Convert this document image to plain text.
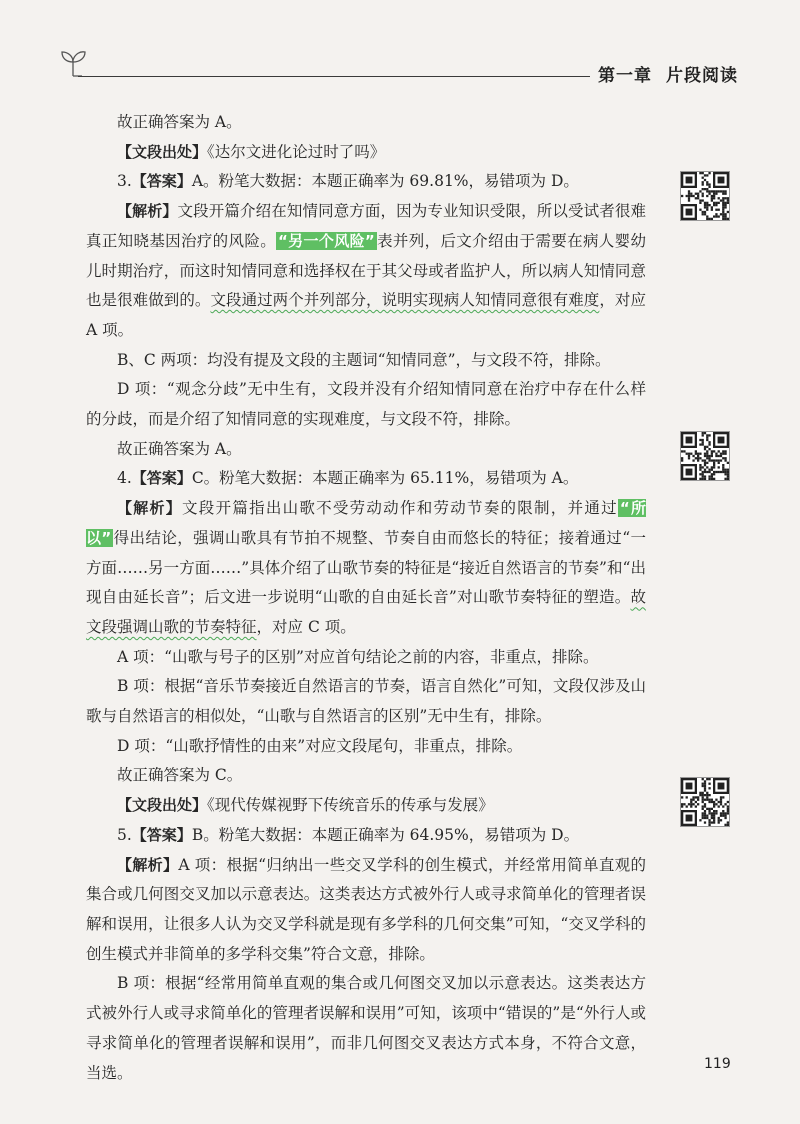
第一章 片段阅读

故正确答案为 A。

【文段出处】《达尔文进化论过时了吗》

3.【答案】A。粉笔大数据：本题正确率为 69.81%，易错项为 D。

【解析】文段开篇介绍在知情同意方面，因为专业知识受限，所以受试者很难真正知晓基因治疗的风险。 “另一个风险” 表并列，后文介绍由于需要在病人婴幼儿时期治疗，而这时知情同意和选择权在于其父母或者监护人，所以病人知情同意也是很难做到的。文段通过两个并列部分，说明实现病人知情同意很有难度，对应 A 项。

B、C 两项：均没有提及文段的主题词“知情同意”，与文段不符，排除。

D 项：“观念分歧”无中生有，文段并没有介绍知情同意在治疗中存在什么样的分歧，而是介绍了知情同意的实现难度，与文段不符，排除。

故正确答案为 A。

4.【答案】C。粉笔大数据：本题正确率为 65.11%，易错项为 A。

【解析】文段开篇指出山歌不受劳动动作和劳动节奏的限制，并通过 “所以” 得出结论，强调山歌具有节拍不规整、节奏自由而悠长的特征；接着通过“一方面……另一方面……”具体介绍了山歌节奏的特征是“接近自然语言的节奏”和“出现自由延长音”；后文进一步说明“山歌的自由延长音”对山歌节奏特征的塑造。故文段强调山歌的节奏特征，对应 C 项。

A 项：“山歌与号子的区别”对应首句结论之前的内容，非重点，排除。

B 项：根据“音乐节奏接近自然语言的节奏，语言自然化”可知，文段仅涉及山歌与自然语言的相似处，“山歌与自然语言的区别”无中生有，排除。

D 项：“山歌抒情性的由来”对应文段尾句，非重点，排除。

故正确答案为 C。

【文段出处】《现代传媒视野下传统音乐的传承与发展》

5.【答案】B。粉笔大数据：本题正确率为 64.95%，易错项为 D。

【解析】A 项：根据“归纳出一些交叉学科的创生模式，并经常用简单直观的集合或几何图交叉加以示意表达。这类表达方式被外行人或寻求简单化的管理者误解和误用，让很多人认为交叉学科就是现有多学科的几何交集”可知，“交叉学科的创生模式并非简单的多学科交集”符合文意，排除。

B 项：根据“经常用简单直观的集合或几何图交叉加以示意表达。这类表达方式被外行人或寻求简单化的管理者误解和误用”可知，该项中“错误的”是“外行人或寻求简单化的管理者误解和误用”，而非几何图交叉表达方式本身，不符合文意，当选。	119
